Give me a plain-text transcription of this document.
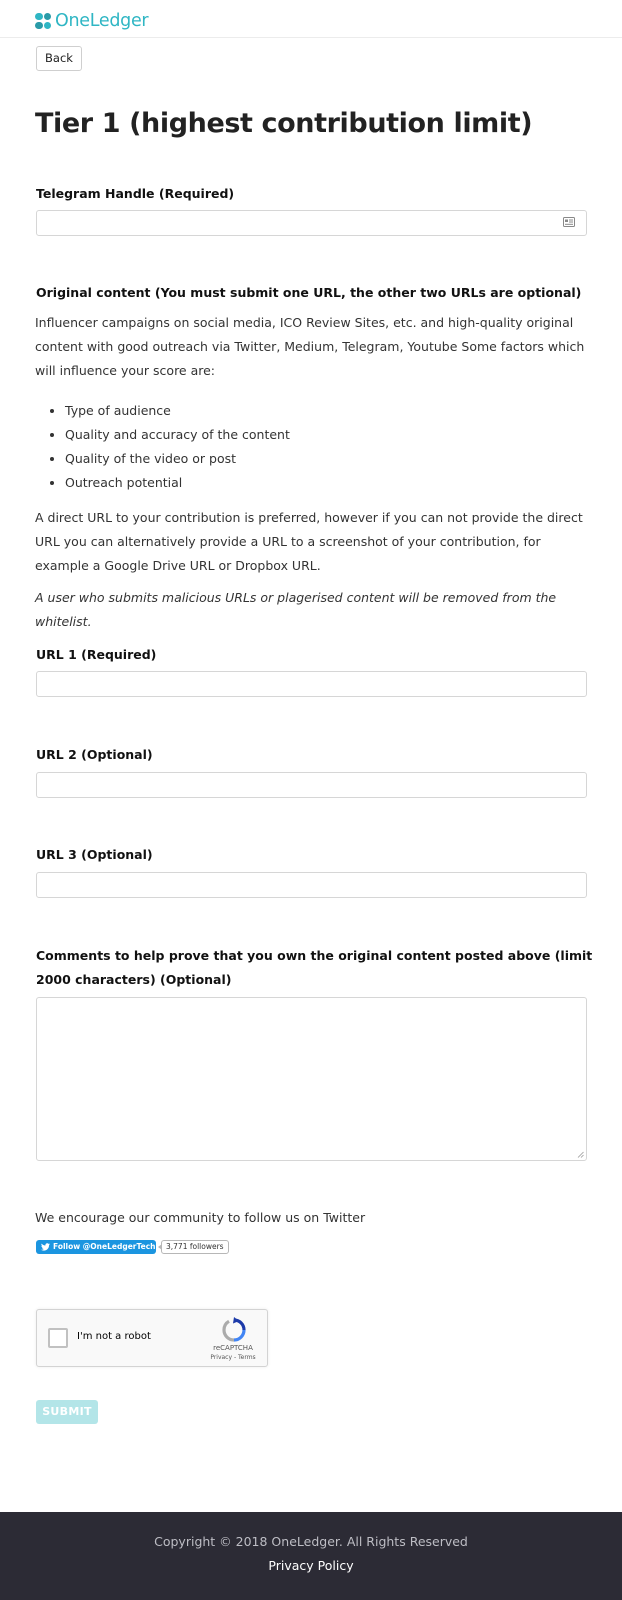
OneLedger
Back
Tier 1 (highest contribution limit)
Telegram Handle (Required)
Original content (You must submit one URL, the other two URLs are optional)

Influencer campaigns on social media, ICO Review Sites, etc. and high-quality original content with good outreach via Twitter, Medium, Telegram, Youtube Some factors which will influence your score are:

• Type of audience
• Quality and accuracy of the content
• Quality of the video or post
• Outreach potential

A direct URL to your contribution is preferred, however if you can not provide the direct URL you can alternatively provide a URL to a screenshot of your contribution, for example a Google Drive URL or Dropbox URL.

A user who submits malicious URLs or plagerised content will be removed from the whitelist.

URL 1 (Required)
URL 2 (Optional)
URL 3 (Optional)
Comments to help prove that you own the original content posted above (limit 2000 characters) (Optional)

We encourage our community to follow us on Twitter

Follow @OneLedgerTech	3,771 followers
I'm not a robot
reCAPTCHA
Privacy - Terms
SUBMIT
Copyright © 2018 OneLedger. All Rights Reserved
Privacy Policy
